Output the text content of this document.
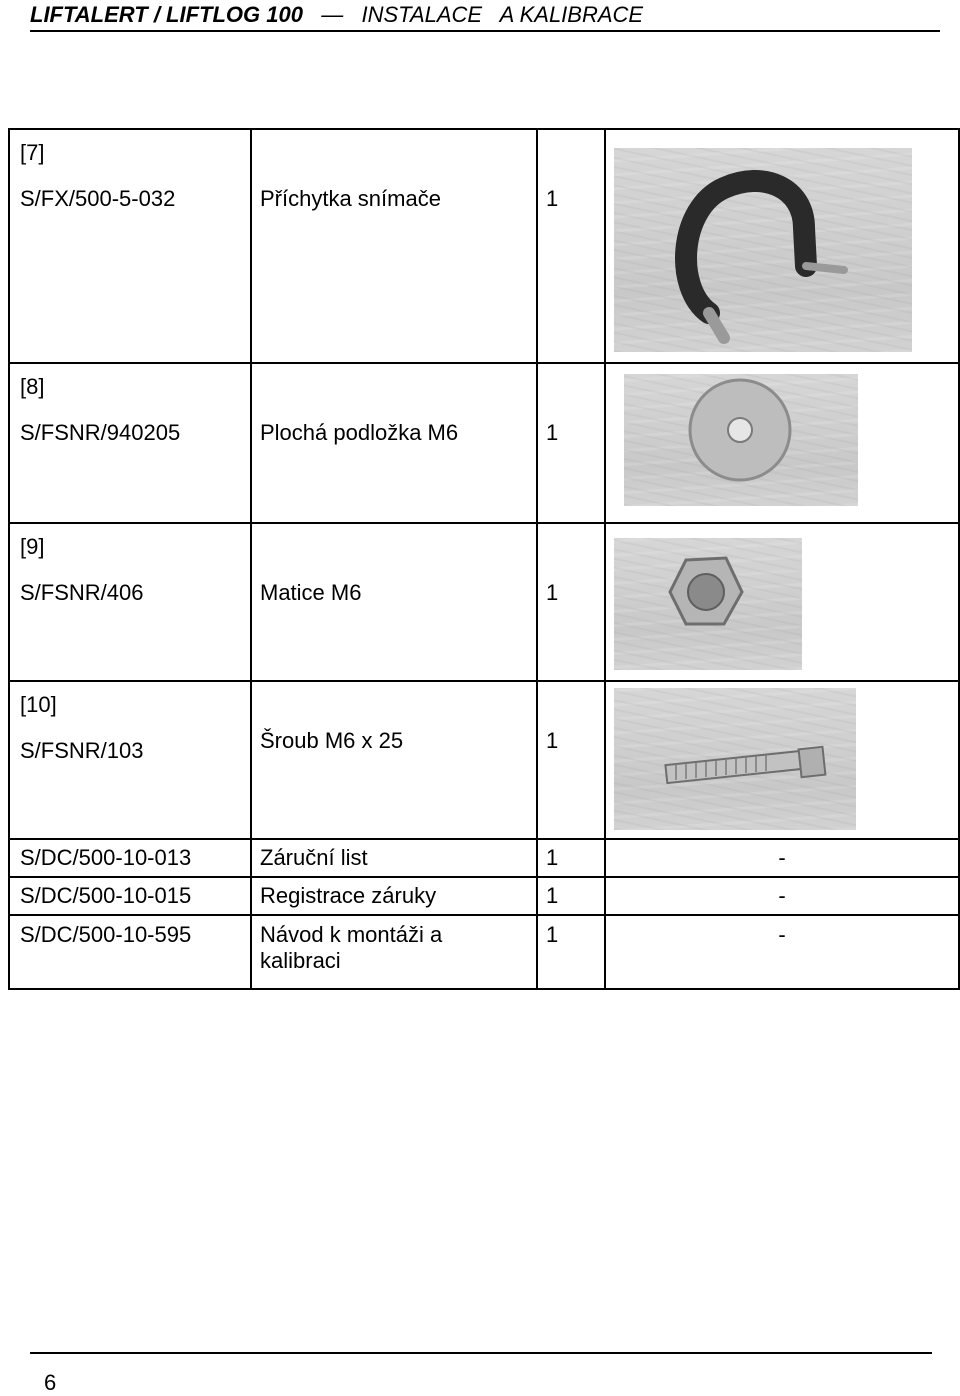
LIFTALERT / LIFTLOG 100 — INSTALACE   A KALIBRACE
[7]
S/FX/500-5-032	Příchytka snímače	1

[8]
S/FSNR/940205	Plochá podložka M6	1

[9]
S/FSNR/406	Matice M6	1

[10]
S/FSNR/103	Šroub M6 x 25	1

S/DC/500-10-013	Záruční list	1	-
S/DC/500-10-015	Registrace záruky	1	-
S/DC/500-10-595	Návod k montáži a kalibraci	1	-
6
